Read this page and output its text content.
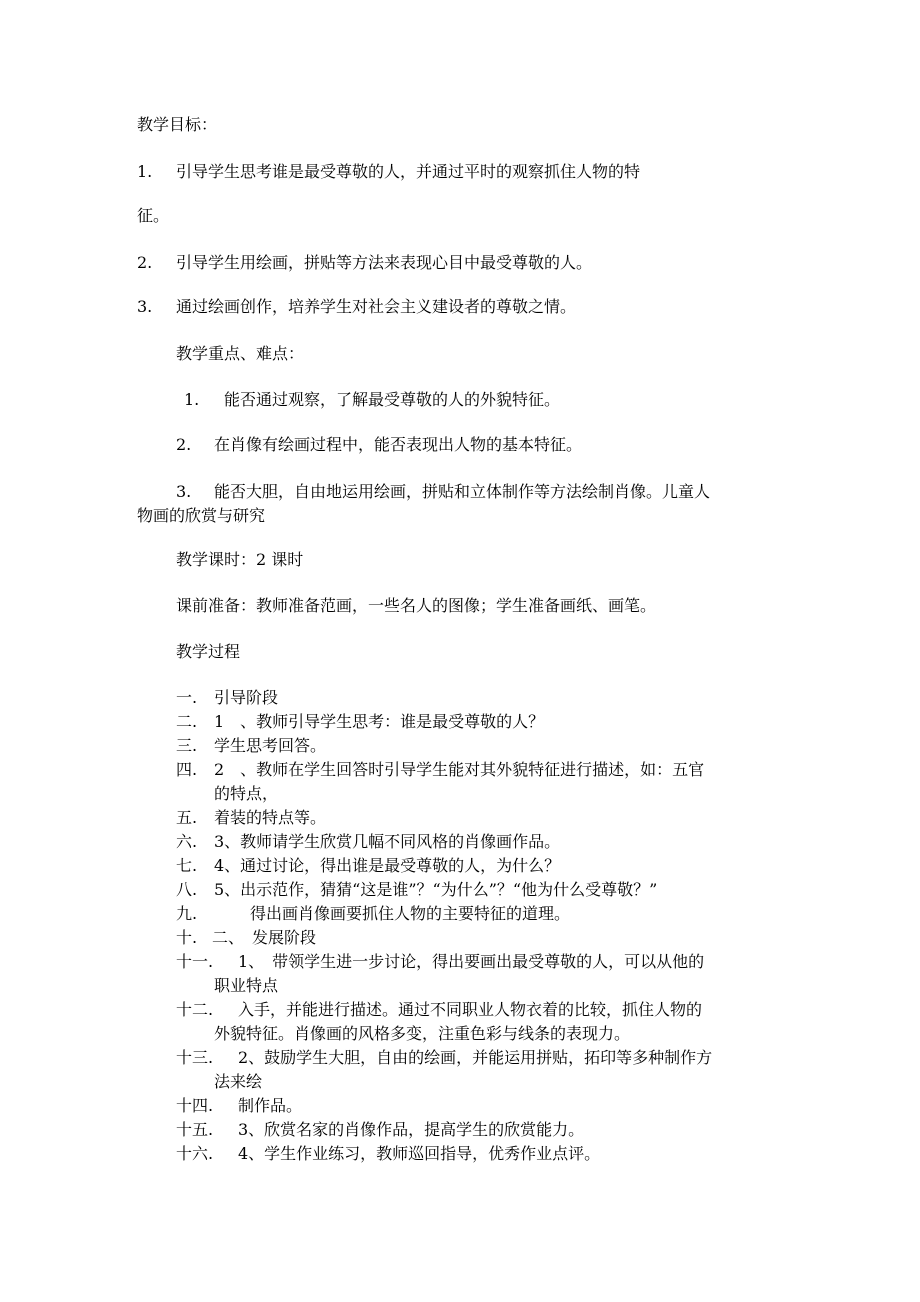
教学目标：
1. 引导学生思考谁是最受尊敬的人，并通过平时的观察抓住人物的特
征。
2. 引导学生用绘画，拼贴等方法来表现心目中最受尊敬的人。
3. 通过绘画创作，培养学生对社会主义建设者的尊敬之情。
教学重点、难点：
1. 能否通过观察，了解最受尊敬的人的外貌特征。
2. 在肖像有绘画过程中，能否表现出人物的基本特征。
3. 能否大胆，自由地运用绘画，拼贴和立体制作等方法绘制肖像。儿童人
物画的欣赏与研究
教学课时：2 课时
课前准备：教师准备范画，一些名人的图像；学生准备画纸、画笔。
教学过程
一. 引导阶段
二. 1　、教师引导学生思考：谁是最受尊敬的人？
三. 学生思考回答。
四. 2　、教师在学生回答时引导学生能对其外貌特征进行描述，如：五官
的特点，
五. 着装的特点等。
六. 3、教师请学生欣赏几幅不同风格的肖像画作品。
七. 4、通过讨论，得出谁是最受尊敬的人，为什么？
八. 5、出示范作，猜猜“这是谁”？“为什么”？“他为什么受尊敬？”
九.	得出画肖像画要抓住人物的主要特征的道理。
十. 二、　发展阶段
十一. 1、　带领学生进一步讨论，得出要画出最受尊敬的人，可以从他的
职业特点
十二. 入手，并能进行描述。通过不同职业人物衣着的比较，抓住人物的
外貌特征。肖像画的风格多变，注重色彩与线条的表现力。
十三. 2、鼓励学生大胆，自由的绘画，并能运用拼贴，拓印等多种制作方
法来绘
十四. 制作品。
十五. 3、欣赏名家的肖像作品，提高学生的欣赏能力。
十六. 4、学生作业练习，教师巡回指导，优秀作业点评。
